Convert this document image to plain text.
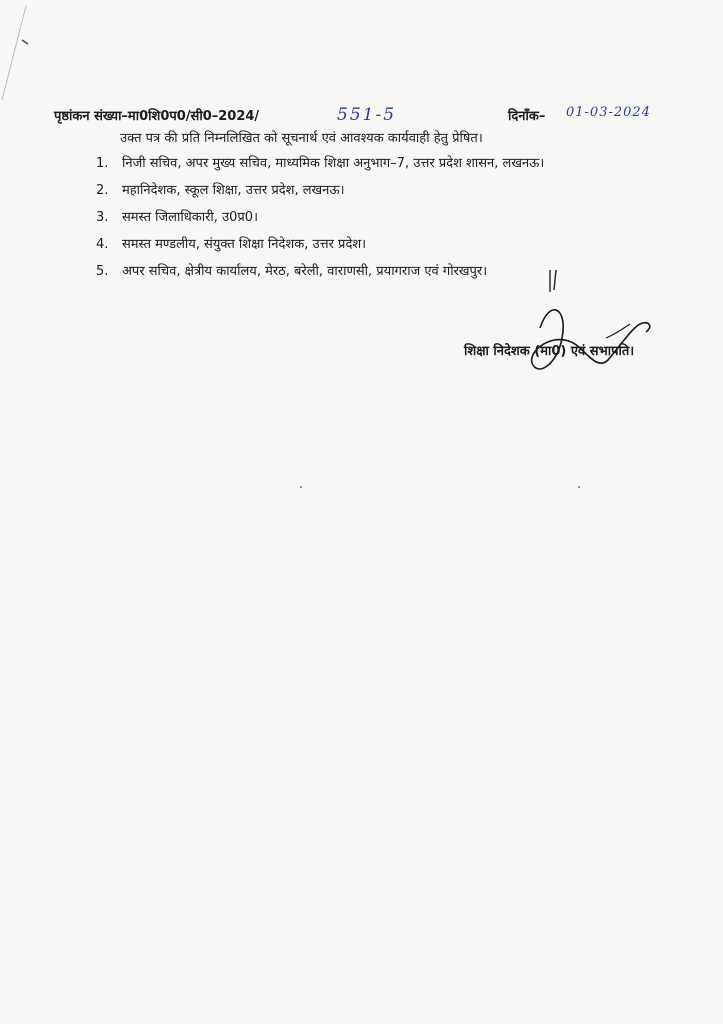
पृष्ठांकन संख्या–मा0शि0प0/सी0–2024/	551-5	दिनाँक– 01-03-2024
उक्त पत्र की प्रति निम्नलिखित को सूचनार्थ एवं आवश्यक कार्यवाही हेतु प्रेषित।
1. निजी सचिव, अपर मुख्य सचिव, माध्यमिक शिक्षा अनुभाग–7, उत्तर प्रदेश शासन, लखनऊ।
2. महानिदेशक, स्कूल शिक्षा, उत्तर प्रदेश, लखनऊ।
3. समस्त जिलाधिकारी, उ0प्र0।
4. समस्त मण्डलीय, संयुक्त शिक्षा निदेशक, उत्तर प्रदेश।
5. अपर सचिव, क्षेत्रीय कार्यालय, मेरठ, बरेली, वाराणसी, प्रयागराज एवं गोरखपुर।
शिक्षा निदेशक (मा0) एवं सभापति।
